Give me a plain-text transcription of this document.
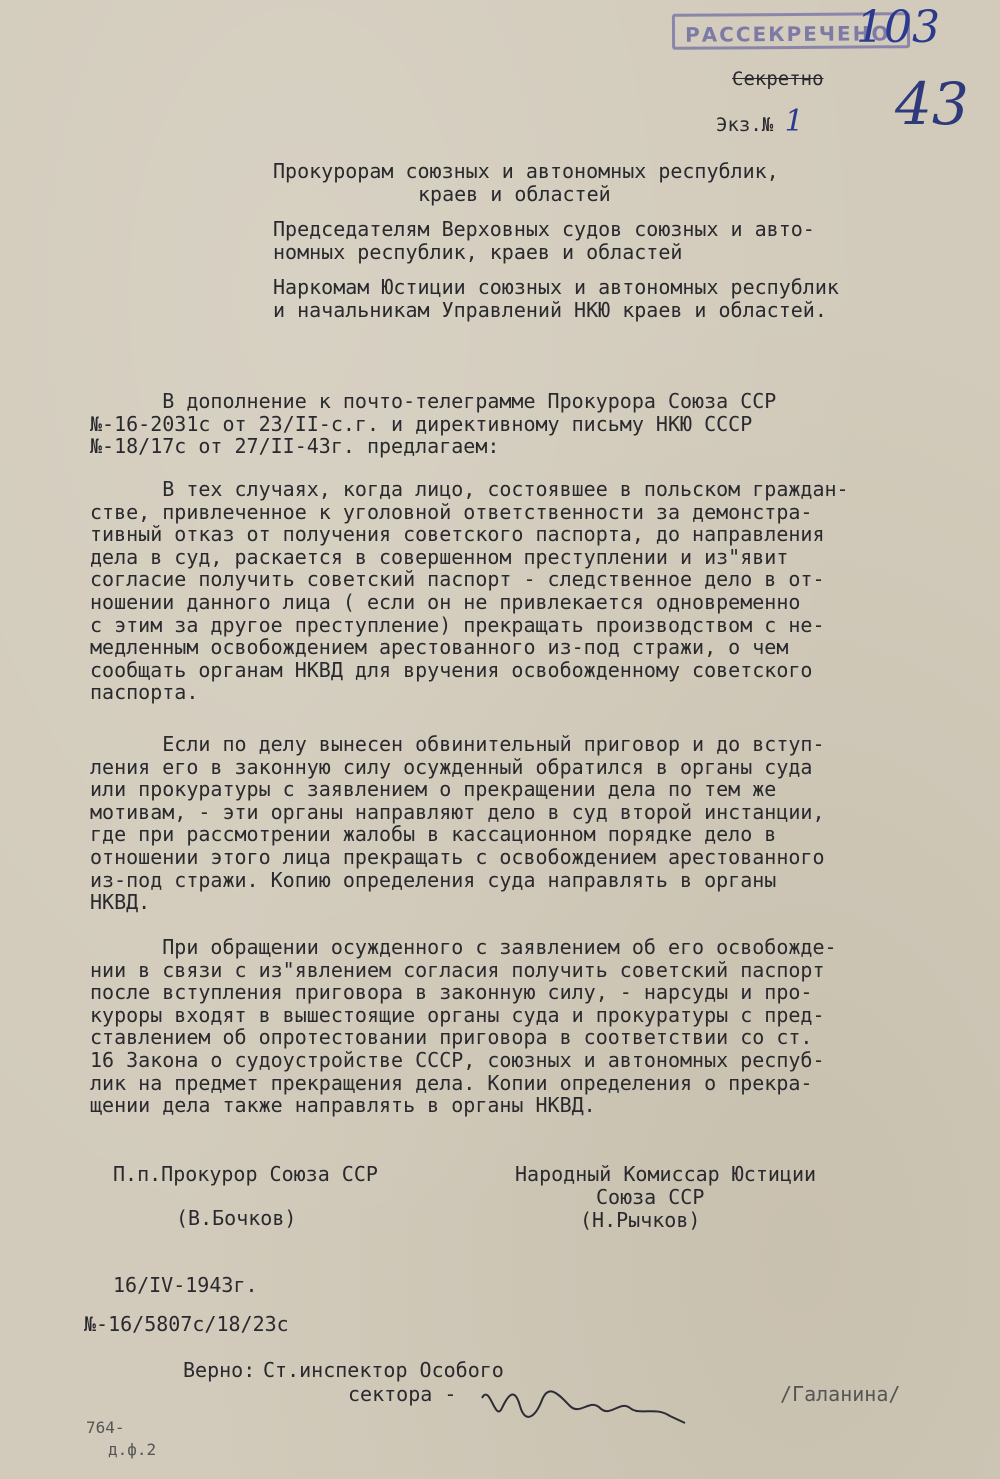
РАССЕКРЕЧЕНО
103
Секретно
Экз.№ 1 43
Прокурорам союзных и автономных республик,
краев и областей
Председателям Верховных судов союзных и авто-
номных республик, краев и областей
Наркомам Юстиции союзных и автономных республик
и начальникам Управлений НКЮ краев и областей.
В дополнение к почто-телеграмме Прокурора Союза ССР
№-16-2031с от 23/II-с.г. и директивному письму НКЮ СССР
№-18/17с от 27/II-43г. предлагаем:
В тех случаях, когда лицо, состоявшее в польском граждан-
стве, привлеченное к уголовной ответственности за демонстра-
тивный отказ от получения советского паспорта, до направления
дела в суд, раскается в совершенном преступлении и из"явит
согласие получить советский паспорт - следственное дело в от-
ношении данного лица ( если он не привлекается одновременно
с этим за другое преступление) прекращать производством с не-
медленным освобождением арестованного из-под стражи, о чем
сообщать органам НКВД для вручения освобожденному советского
паспорта.
Если по делу вынесен обвинительный приговор и до вступ-
ления его в законную силу осужденный обратился в органы суда
или прокуратуры с заявлением о прекращении дела по тем же
мотивам, - эти органы направляют дело в суд второй инстанции,
где при рассмотрении жалобы в кассационном порядке дело в
отношении этого лица прекращать с освобождением арестованного
из-под стражи. Копию определения суда направлять в органы
НКВД.
При обращении осужденного с заявлением об его освобожде-
нии в связи с из"явлением согласия получить советский паспорт
после вступления приговора в законную силу, - нарсуды и про-
куроры входят в вышестоящие органы суда и прокуратуры с пред-
ставлением об опротестовании приговора в соответствии со ст.
16 Закона о судоустройстве СССР, союзных и автономных респуб-
лик на предмет прекращения дела. Копии определения о прекра-
щении дела также направлять в органы НКВД.
П.п.Прокурор Союза ССР
(В.Бочков)
Народный Комиссар Юстиции
Союза ССР
(Н.Рычков)
16/IV-1943г.
№-16/5807с/18/23с
Верно: Ст.инспектор Особого
сектора -	/Галанина/
764-
д.ф.2
